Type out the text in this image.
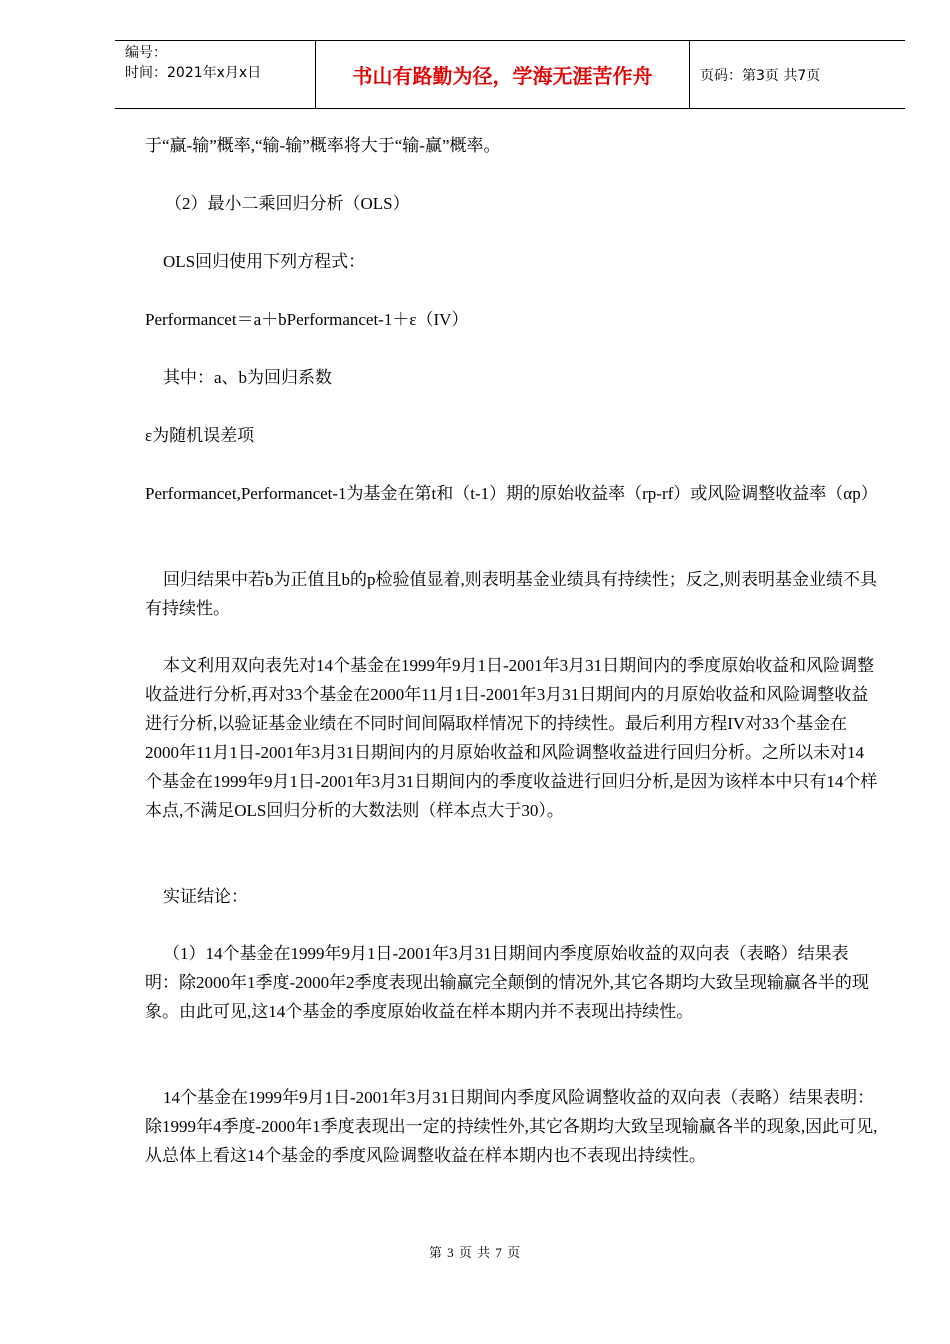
编号：
时间：2021年x月x日	书山有路勤为径，学海无涯苦作舟	页码：第3页 共7页

于“赢-输”概率,“输-输”概率将大于“输-赢”概率。

（2）最小二乘回归分析（OLS）

OLS回归使用下列方程式：

Performancet＝a＋bPerformancet-1＋ε（IV）

其中：a、b为回归系数

ε为随机误差项

Performancet,Performancet-1为基金在第t和（t-1）期的原始收益率（rp-rf）或风险调整收益率（αp）

回归结果中若b为正值且b的p检验值显着,则表明基金业绩具有持续性；反之,则表明基金业绩不具有持续性。

本文利用双向表先对14个基金在1999年9月1日-2001年3月31日期间内的季度原始收益和风险调整收益进行分析,再对33个基金在2000年11月1日-2001年3月31日期间内的月原始收益和风险调整收益进行分析,以验证基金业绩在不同时间间隔取样情况下的持续性。最后利用方程IV对33个基金在2000年11月1日-2001年3月31日期间内的月原始收益和风险调整收益进行回归分析。之所以未对14个基金在1999年9月1日-2001年3月31日期间内的季度收益进行回归分析,是因为该样本中只有14个样本点,不满足OLS回归分析的大数法则（样本点大于30）。

实证结论：

（1）14个基金在1999年9月1日-2001年3月31日期间内季度原始收益的双向表（表略）结果表明：除2000年1季度-2000年2季度表现出输赢完全颠倒的情况外,其它各期均大致呈现输赢各半的现象。由此可见,这14个基金的季度原始收益在样本期内并不表现出持续性。

14个基金在1999年9月1日-2001年3月31日期间内季度风险调整收益的双向表（表略）结果表明：除1999年4季度-2000年1季度表现出一定的持续性外,其它各期均大致呈现输赢各半的现象,因此可见,从总体上看这14个基金的季度风险调整收益在样本期内也不表现出持续性。

第 3 页 共 7 页
